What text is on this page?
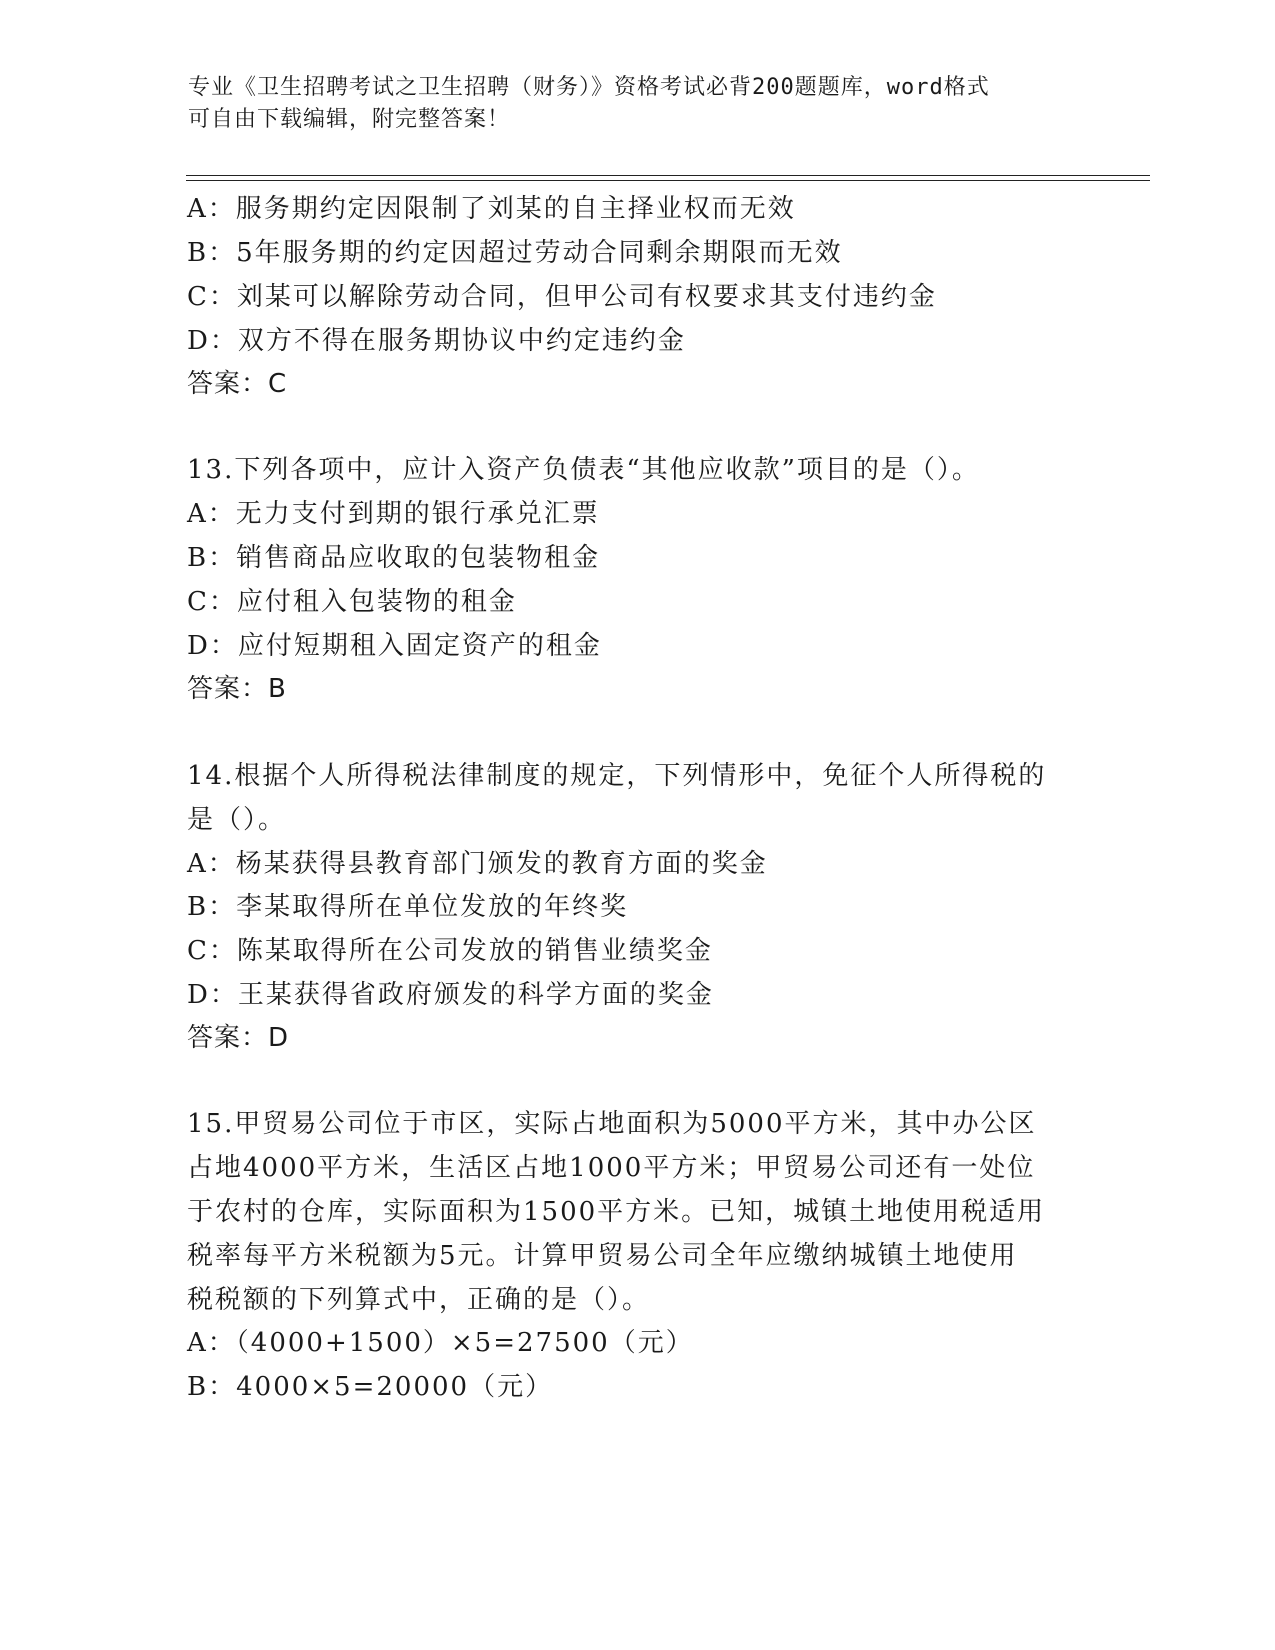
专业《卫生招聘考试之卫生招聘（财务）》资格考试必背200题题库，word格式
可自由下载编辑，附完整答案！
A：服务期约定因限制了刘某的自主择业权而无效
B：5年服务期的约定因超过劳动合同剩余期限而无效
C：刘某可以解除劳动合同，但甲公司有权要求其支付违约金
D：双方不得在服务期协议中约定违约金
答案：C
13.下列各项中，应计入资产负债表“其他应收款”项目的是（）。
A：无力支付到期的银行承兑汇票
B：销售商品应收取的包装物租金
C：应付租入包装物的租金
D：应付短期租入固定资产的租金
答案：B
14.根据个人所得税法律制度的规定，下列情形中，免征个人所得税的
是（）。
A：杨某获得县教育部门颁发的教育方面的奖金
B：李某取得所在单位发放的年终奖
C：陈某取得所在公司发放的销售业绩奖金
D：王某获得省政府颁发的科学方面的奖金
答案：D
15.甲贸易公司位于市区，实际占地面积为5000平方米，其中办公区
占地4000平方米，生活区占地1000平方米；甲贸易公司还有一处位
于农村的仓库，实际面积为1500平方米。已知，城镇土地使用税适用
税率每平方米税额为5元。计算甲贸易公司全年应缴纳城镇土地使用
税税额的下列算式中，正确的是（）。
A：（4000+1500）×5=27500（元）
B：4000×5=20000（元）
